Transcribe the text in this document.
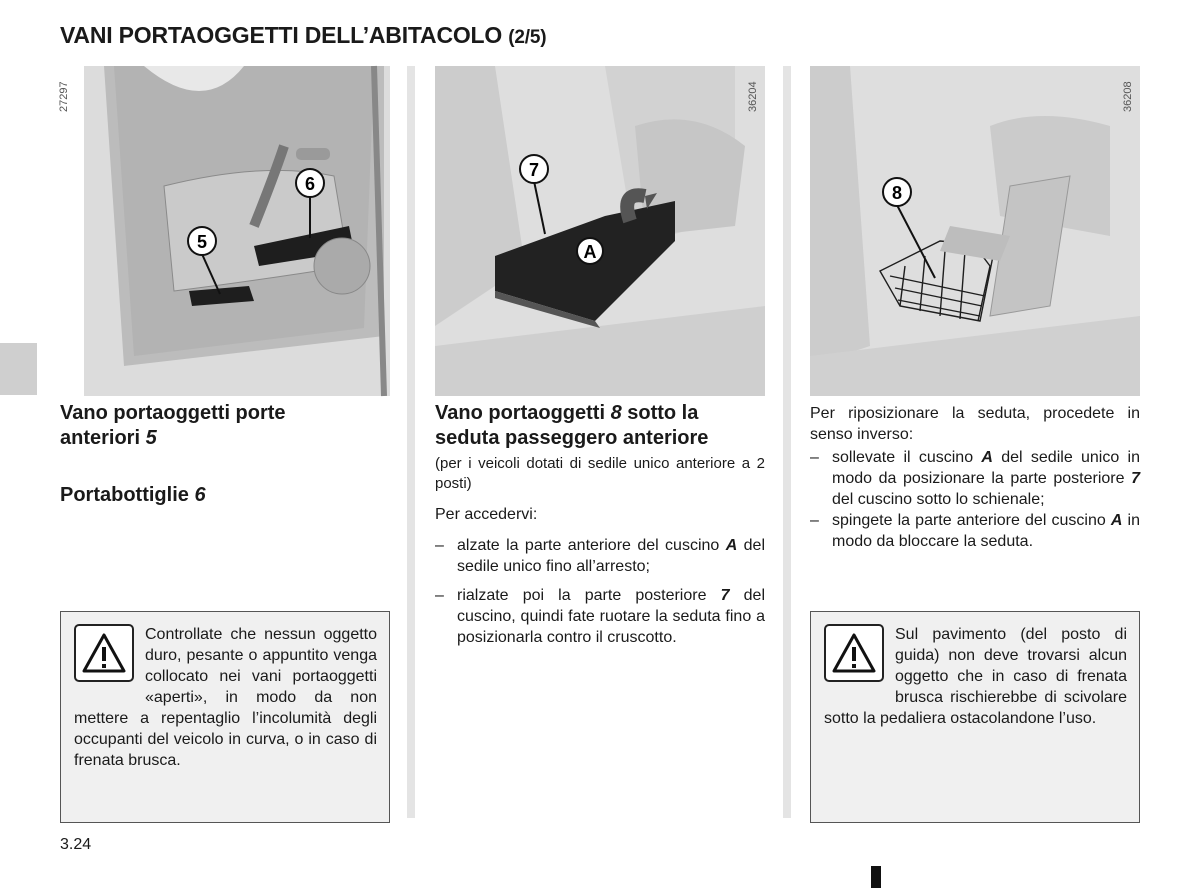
VANI PORTAOGGETTI DELL’ABITACOLO (2/5)
6
5
27297
7
A
36204
8
36208
Vano portaoggetti porte anteriori 5
Portabottiglie 6

Controllate che nessun oggetto duro, pesante o appuntito venga collocato nei vani portaoggetti «aperti», in modo da non mettere a repentaglio l’incolumità degli occupanti del veicolo in curva, o in caso di frenata brusca.

Vano portaoggetti 8 sotto la seduta passeggero anteriore

(per i veicoli dotati di sedile unico anteriore a 2 posti)

Per accedervi:

– alzate la parte anteriore del cuscino A del sedile unico fino all’arresto;
– rialzate poi la parte posteriore 7 del cuscino, quindi fate ruotare la seduta fino a posizionarla contro il cruscotto.

Per riposizionare la seduta, procedete in senso inverso:

– sollevate il cuscino A del sedile unico in modo da posizionare la parte posteriore 7 del cuscino sotto lo schienale;
– spingete la parte anteriore del cuscino A in modo da bloccare la seduta.

Sul pavimento (del posto di guida) non deve trovarsi alcun oggetto che in caso di frenata brusca rischierebbe di scivolare sotto la pedaliera ostacolandone l’uso.

3.24
